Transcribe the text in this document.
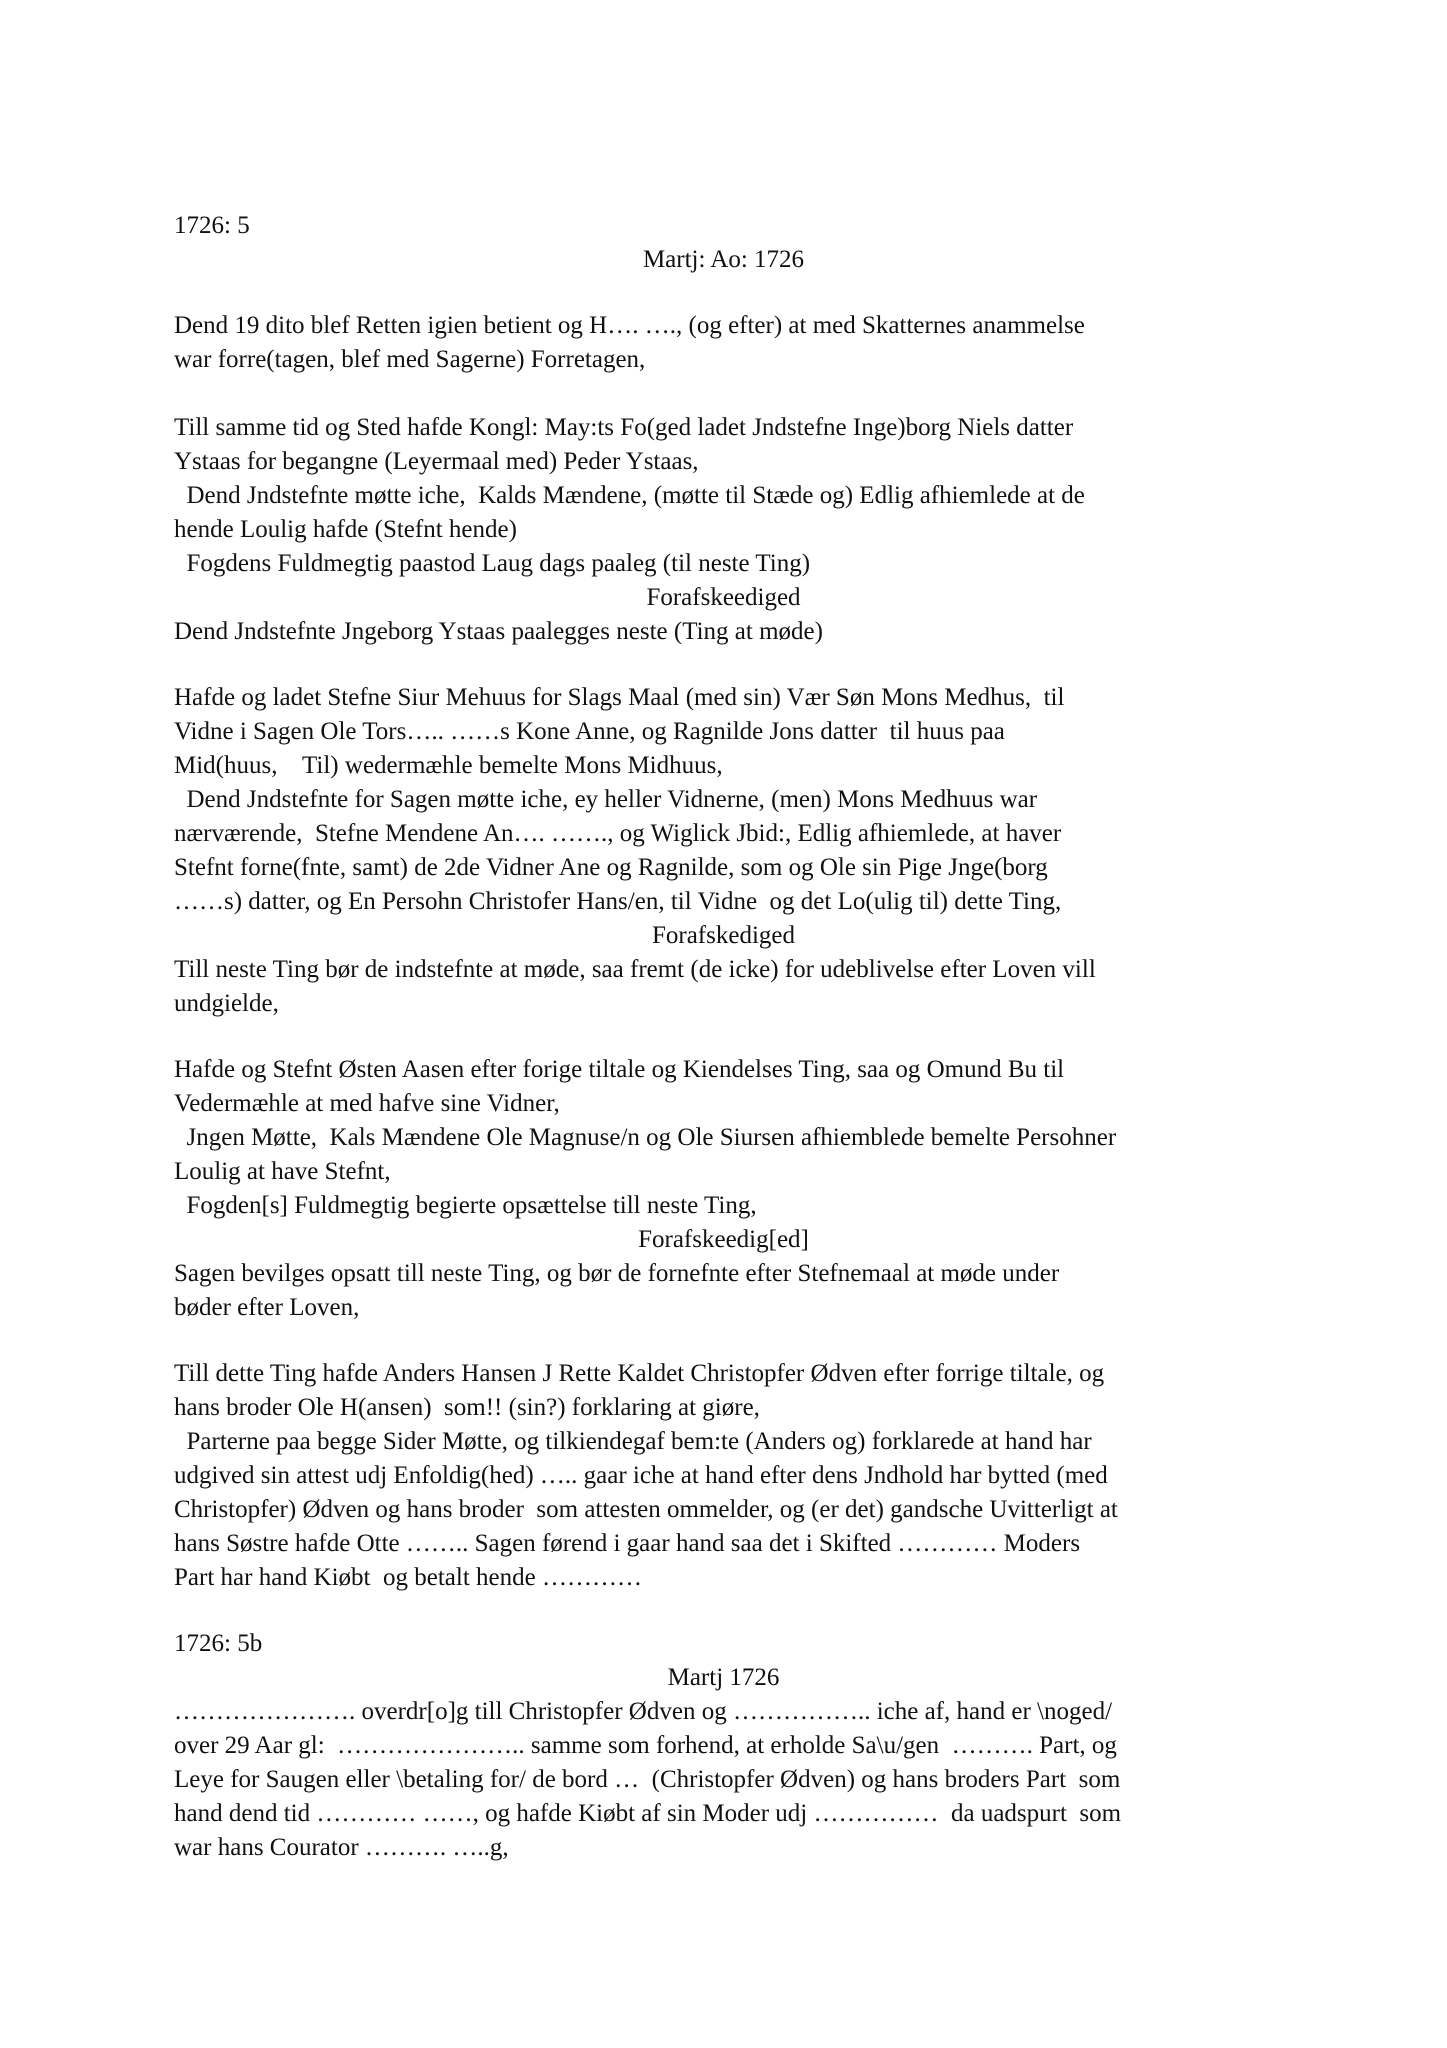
1726: 5
Martj: Ao: 1726
Dend 19 dito blef Retten igien betient og H…. …., (og efter) at med Skatternes anammelse
war forre(tagen, blef med Sagerne) Forretagen,
Till samme tid og Sted hafde Kongl: May:ts Fo(ged ladet Jndstefne Inge)borg Niels datter
Ystaas for begangne (Leyermaal med) Peder Ystaas,
Dend Jndstefnte møtte iche,  Kalds Mændene, (møtte til Stæde og) Edlig afhiemlede at de
hende Loulig hafde (Stefnt hende)
Fogdens Fuldmegtig paastod Laug dags paaleg (til neste Ting)
Forafskeediged
Dend Jndstefnte Jngeborg Ystaas paalegges neste (Ting at møde)
Hafde og ladet Stefne Siur Mehuus for Slags Maal (med sin) Vær Søn Mons Medhus,  til
Vidne i Sagen Ole Tors….. ……s Kone Anne, og Ragnilde Jons datter  til huus paa
Mid(huus,    Til) wedermæhle bemelte Mons Midhuus,
Dend Jndstefnte for Sagen møtte iche, ey heller Vidnerne, (men) Mons Medhuus war
nærværende,  Stefne Mendene An…. ……., og Wiglick Jbid:, Edlig afhiemlede, at haver
Stefnt forne(fnte, samt) de 2de Vidner Ane og Ragnilde, som og Ole sin Pige Jnge(borg
……s) datter, og En Persohn Christofer Hans/en, til Vidne  og det Lo(ulig til) dette Ting,
Forafskediged
Till neste Ting bør de indstefnte at møde, saa fremt (de icke) for udeblivelse efter Loven vill
undgielde,
Hafde og Stefnt Østen Aasen efter forige tiltale og Kiendelses Ting, saa og Omund Bu til
Vedermæhle at med hafve sine Vidner,
Jngen Møtte,  Kals Mændene Ole Magnuse/n og Ole Siursen afhiemblede bemelte Persohner
Loulig at have Stefnt,
Fogden[s] Fuldmegtig begierte opsættelse till neste Ting,
Forafskeedig[ed]
Sagen bevilges opsatt till neste Ting, og bør de fornefnte efter Stefnemaal at møde under
bøder efter Loven,
Till dette Ting hafde Anders Hansen J Rette Kaldet Christopfer Ødven efter forrige tiltale, og
hans broder Ole H(ansen)  som!! (sin?) forklaring at giøre,
Parterne paa begge Sider Møtte, og tilkiendegaf bem:te (Anders og) forklarede at hand har
udgived sin attest udj Enfoldig(hed) ….. gaar iche at hand efter dens Jndhold har bytted (med
Christopfer) Ødven og hans broder  som attesten ommelder, og (er det) gandsche Uvitterligt at
hans Søstre hafde Otte …….. Sagen førend i gaar hand saa det i Skifted ………… Moders
Part har hand Kiøbt  og betalt hende …………
1726: 5b
Martj 1726
…………………. overdr[o]g till Christopfer Ødven og …………….. iche af, hand er \noged/
over 29 Aar gl:  ………………….. samme som forhend, at erholde Sa\u/gen  ………. Part, og
Leye for Saugen eller \betaling for/ de bord …  (Christopfer Ødven) og hans broders Part  som
hand dend tid ………… ……, og hafde Kiøbt af sin Moder udj ……………  da uadspurt  som
war hans Courator ………. …..g,
